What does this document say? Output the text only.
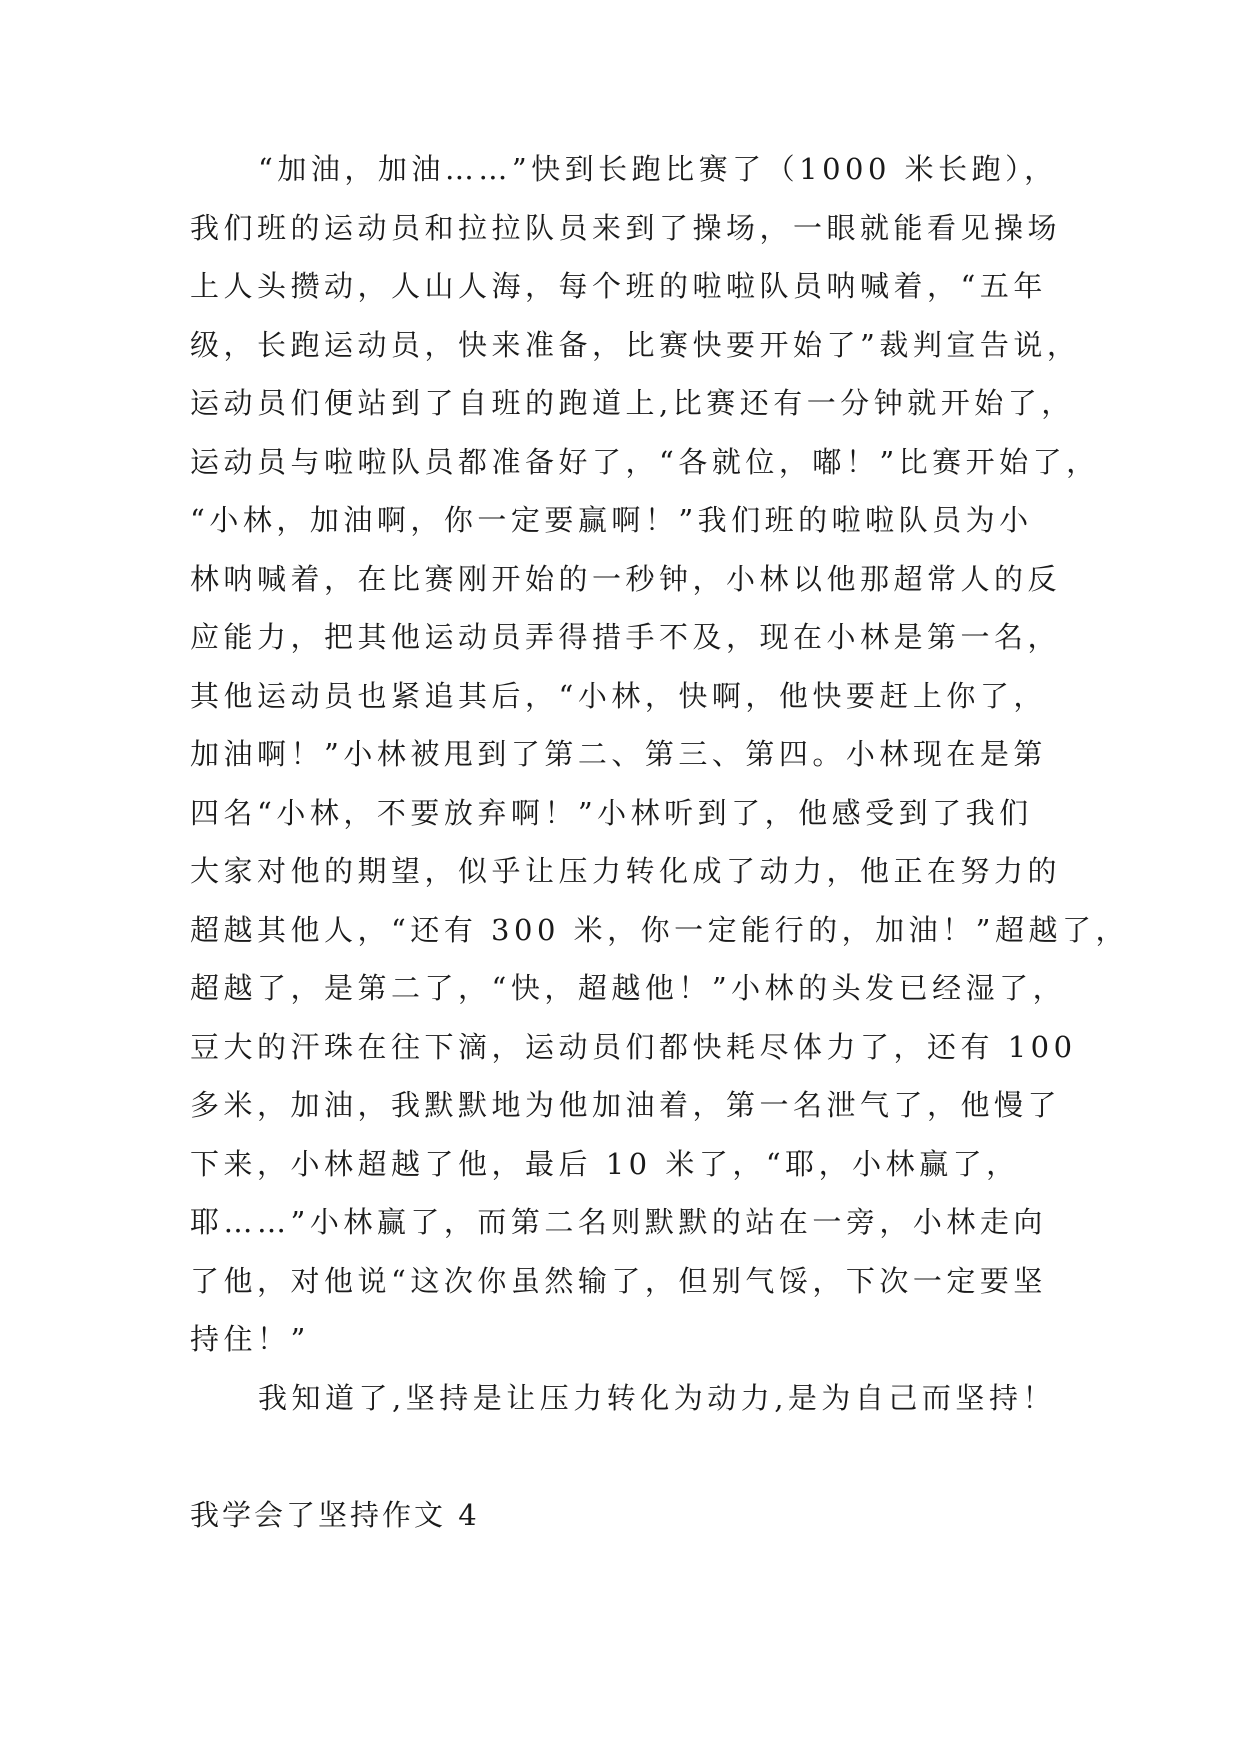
“加油，加油……”快到长跑比赛了（1000 米长跑），
我们班的运动员和拉拉队员来到了操场，一眼就能看见操场
上人头攒动，人山人海，每个班的啦啦队员呐喊着，“五年
级，长跑运动员，快来准备，比赛快要开始了”裁判宣告说，
运动员们便站到了自班的跑道上,比赛还有一分钟就开始了，
运动员与啦啦队员都准备好了，“各就位，嘟！”比赛开始了，
“小林，加油啊，你一定要赢啊！”我们班的啦啦队员为小
林呐喊着，在比赛刚开始的一秒钟，小林以他那超常人的反
应能力，把其他运动员弄得措手不及，现在小林是第一名，
其他运动员也紧追其后，“小林，快啊，他快要赶上你了，
加油啊！”小林被甩到了第二、第三、第四。小林现在是第
四名“小林，不要放弃啊！”小林听到了，他感受到了我们
大家对他的期望，似乎让压力转化成了动力，他正在努力的
超越其他人，“还有 300 米，你一定能行的，加油！”超越了，
超越了，是第二了，“快，超越他！”小林的头发已经湿了，
豆大的汗珠在往下滴，运动员们都快耗尽体力了，还有 100
多米，加油，我默默地为他加油着，第一名泄气了，他慢了
下来，小林超越了他，最后 10 米了，“耶，小林赢了，
耶……”小林赢了，而第二名则默默的站在一旁，小林走向
了他，对他说“这次你虽然输了，但别气馁，下次一定要坚
持住！”
我知道了,坚持是让压力转化为动力,是为自己而坚持！
我学会了坚持作文 4
